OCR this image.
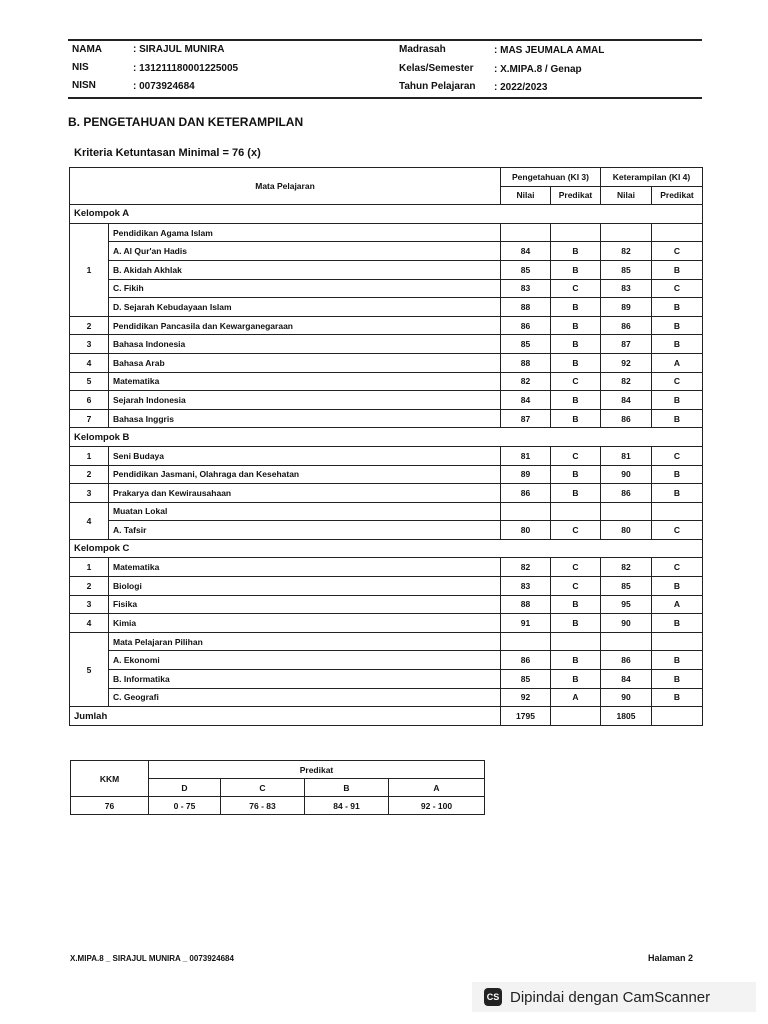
NAMA	: SIRAJUL MUNIRA
NIS	: 131211180001225005
NISN	: 0073924684
Madrasah	: MAS JEUMALA AMAL
Kelas/Semester : X.MIPA.8 / Genap
Tahun Pelajaran : 2022/2023
B. PENGETAHUAN DAN KETERAMPILAN
Kriteria Ketuntasan Minimal = 76 (x)
Mata Pelajaran		Pengetahuan (KI 3)		Keterampilan (KI 4)	
		Nilai	Predikat	Nilai	Predikat
Kelompok A					
1	Pendidikan Agama Islam				
	A. Al Qur'an Hadis	84	B	82	C
	B. Akidah Akhlak	85	B	85	B
	C. Fikih	83	C	83	C
	D. Sejarah Kebudayaan Islam	88	B	89	B
2	Pendidikan Pancasila dan Kewarganegaraan	86	B	86	B
3	Bahasa Indonesia	85	B	87	B
4	Bahasa Arab	88	B	92	A
5	Matematika	82	C	82	C
6	Sejarah Indonesia	84	B	84	B
7	Bahasa Inggris	87	B	86	B
Kelompok B					
1	Seni Budaya	81	C	81	C
2	Pendidikan Jasmani, Olahraga dan Kesehatan	89	B	90	B
3	Prakarya dan Kewirausahaan	86	B	86	B
4	Muatan Lokal				
	A. Tafsir	80	C	80	C
Kelompok C					
1	Matematika	82	C	82	C
2	Biologi	83	C	85	B
3	Fisika	88	B	95	A
4	Kimia	91	B	90	B
5	Mata Pelajaran Pilihan				
	A. Ekonomi	86	B	86	B
	B. Informatika	85	B	84	B
	C. Geografi	92	A	90	B
Jumlah		1795		1805	
KKM	Predikat			
	D	C	B	A
76	0 - 75	76 - 83	84 - 91	92 - 100
X.MIPA.8 _ SIRAJUL MUNIRA _ 0073924684	Halaman 2
CS Dipindai dengan CamScanner
